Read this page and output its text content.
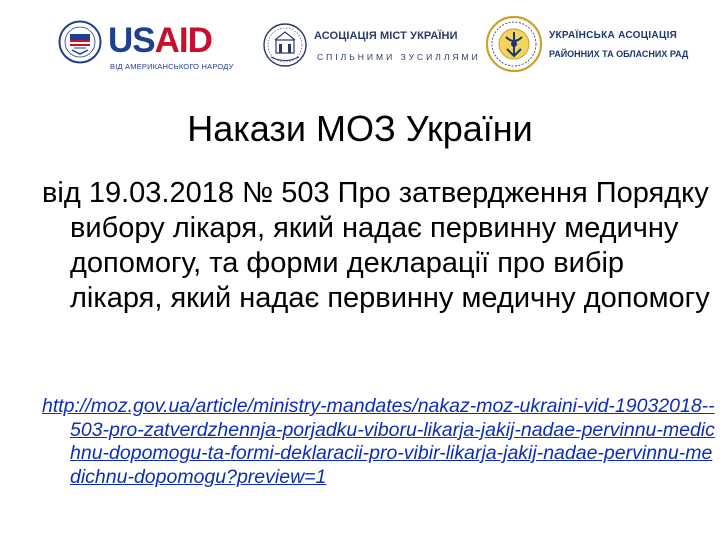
USAID
ВІД АМЕРИКАНСЬКОГО НАРОДУ
АСОЦІАЦІЯ МІСТ УКРАЇНИ
СПІЛЬНИМИ ЗУСИЛЛЯМИ
УКРАЇНСЬКА АСОЦІАЦІЯ
РАЙОННИХ ТА ОБЛАСНИХ РАД
Накази МОЗ України
від 19.03.2018 № 503 Про затвердження Порядку вибору лікаря, який надає первинну медичну допомогу, та форми декларації про вибір лікаря, який надає первинну медичну допомогу
http://moz.gov.ua/article/ministry-mandates/nakaz-moz-ukraini-vid-19032018--503-pro-zatverdzhennja-porjadku-viboru-likarja-jakij-nadae-pervinnu-medichnu-dopomogu-ta-formi-deklaracii-pro-vibir-likarja-jakij-nadae-pervinnu-medichnu-dopomogu?preview=1
